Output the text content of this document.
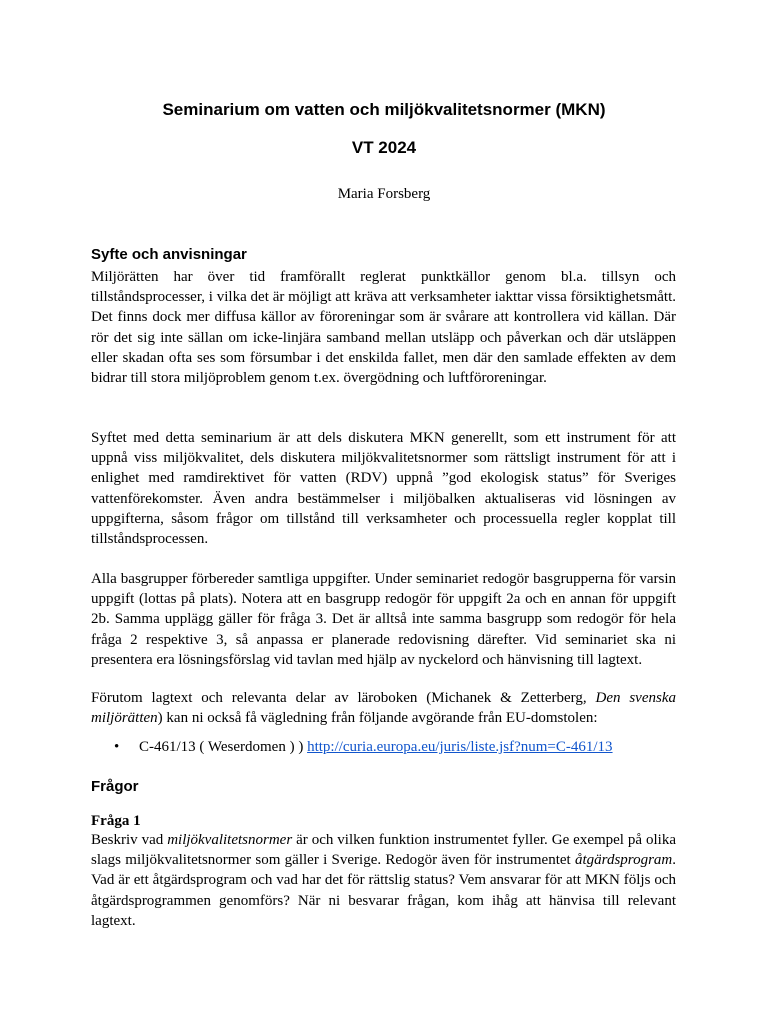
Seminarium om vatten och miljökvalitetsnormer (MKN)
VT 2024
Maria Forsberg
Syfte och anvisningar
Miljörätten har över tid framförallt reglerat punktkällor genom bl.a. tillsyn och tillståndsprocesser, i vilka det är möjligt att kräva att verksamheter iakttar vissa försiktighetsmått. Det finns dock mer diffusa källor av föroreningar som är svårare att kontrollera vid källan. Där rör det sig inte sällan om icke-linjära samband mellan utsläpp och påverkan och där utsläppen eller skadan ofta ses som försumbar i det enskilda fallet, men där den samlade effekten av dem bidrar till stora miljöproblem genom t.ex. övergödning och luftföroreningar.
Syftet med detta seminarium är att dels diskutera MKN generellt, som ett instrument för att uppnå viss miljökvalitet, dels diskutera miljökvalitetsnormer som rättsligt instrument för att i enlighet med ramdirektivet för vatten (RDV) uppnå ”god ekologisk status” för Sveriges vattenförekomster. Även andra bestämmelser i miljöbalken aktualiseras vid lösningen av uppgifterna, såsom frågor om tillstånd till verksamheter och processuella regler kopplat till tillståndsprocessen.
Alla basgrupper förbereder samtliga uppgifter. Under seminariet redogör basgrupperna för varsin uppgift (lottas på plats). Notera att en basgrupp redogör för uppgift 2a och en annan för uppgift 2b. Samma upplägg gäller för fråga 3. Det är alltså inte samma basgrupp som redogör för hela fråga 2 respektive 3, så anpassa er planerade redovisning därefter. Vid seminariet ska ni presentera era lösningsförslag vid tavlan med hjälp av nyckelord och hänvisning till lagtext.
Förutom lagtext och relevanta delar av läroboken (Michanek & Zetterberg, Den svenska miljörätten) kan ni också få vägledning från följande avgörande från EU-domstolen:
• C-461/13 ( Weserdomen ) ) http://curia.europa.eu/juris/liste.jsf?num=C-461/13
Frågor
Fråga 1
Beskriv vad miljökvalitetsnormer är och vilken funktion instrumentet fyller. Ge exempel på olika slags miljökvalitetsnormer som gäller i Sverige. Redogör även för instrumentet åtgärdsprogram. Vad är ett åtgärdsprogram och vad har det för rättslig status? Vem ansvarar för att MKN följs och åtgärdsprogrammen genomförs? När ni besvarar frågan, kom ihåg att hänvisa till relevant lagtext.
